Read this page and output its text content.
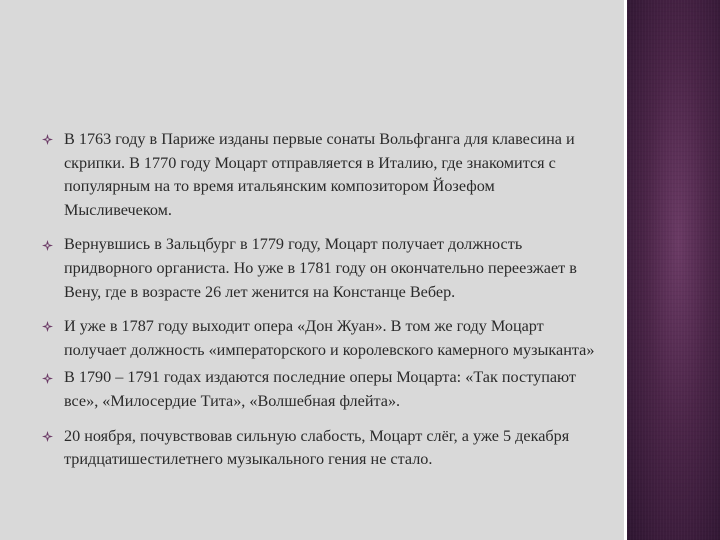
В 1763 году в Париже изданы первые сонаты Вольфганга для клавесина и скрипки. В 1770 году Моцарт отправляется в Италию, где знакомится с популярным на то время итальянским композитором Йозефом Мысливечеком.
Вернувшись в Зальцбург в 1779 году, Моцарт получает должность придворного органиста. Но уже в 1781 году он окончательно переезжает в Вену, где в возрасте 26 лет женится на Констанце Вебер.
И уже в 1787 году выходит опера «Дон Жуан». В том же году Моцарт получает должность «императорского и королевского камерного музыканта»
В 1790 – 1791 годах издаются последние оперы Моцарта: «Так поступают все», «Милосердие Тита», «Волшебная флейта».
20 ноября, почувствовав сильную слабость, Моцарт слёг, а уже 5 декабря тридцатишестилетнего музыкального гения не стало.
